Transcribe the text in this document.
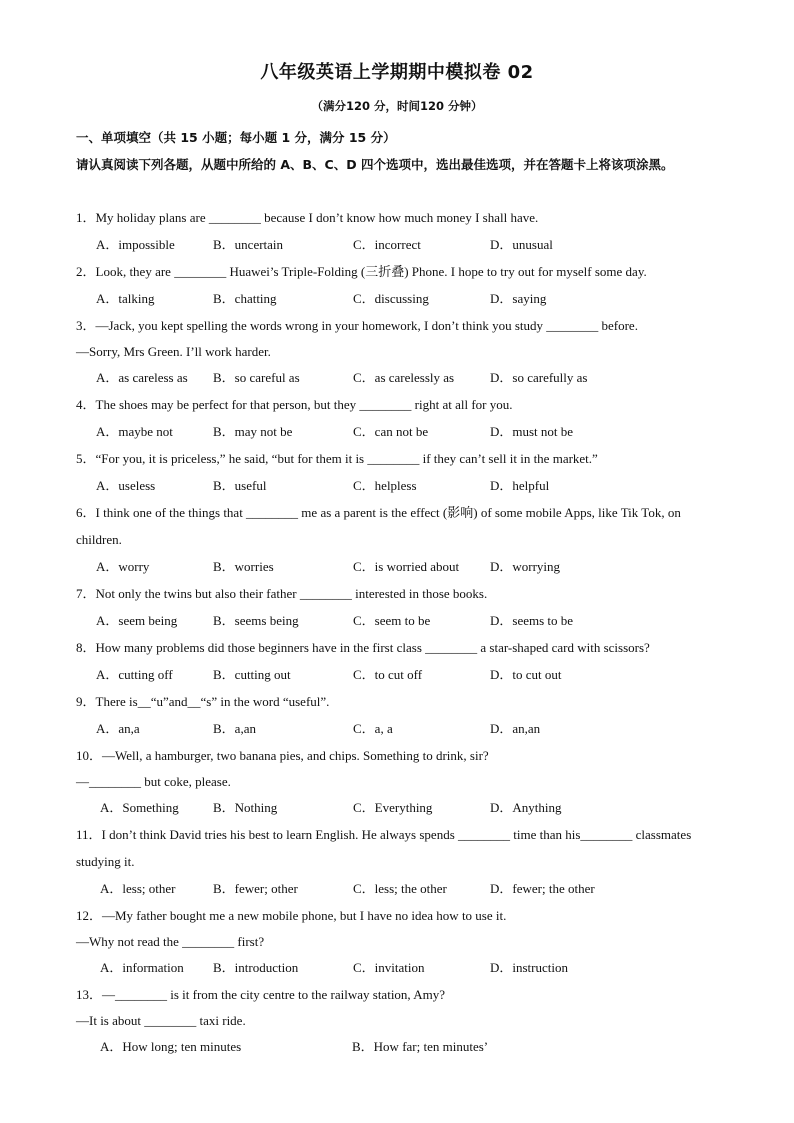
八年级英语上学期期中模拟卷 02
（满分120 分，时间120 分钟）
一、单项填空（共 15 小题；每小题 1 分，满分 15 分）
请认真阅读下列各题，从题中所给的 A、B、C、D 四个选项中，选出最佳选项，并在答题卡上将该项涂黑。
1．My holiday plans are ________ because I don’t know how much money I shall have.
A．impossible	B．uncertain	C．incorrect	D．unusual
2．Look, they are ________ Huawei’s Triple-Folding (三折叠) Phone. I hope to try out for myself some day.
A．talking	B．chatting	C．discussing	D．saying
3．—Jack, you kept spelling the words wrong in your homework, I don’t think you study ________ before.
—Sorry, Mrs Green. I’ll work harder.
A．as careless as B．so careful as	C．as carelessly as	D．so carefully as
4．The shoes may be perfect for that person, but they ________ right at all for you.
A．maybe not	B．may not be	C．can not be	D．must not be
5．“For you, it is priceless,” he said, “but for them it is ________ if they can’t sell it in the market.”
A．useless	B．useful	C．helpless	D．helpful
6．I think one of the things that ________ me as a parent is the effect (影响) of some mobile Apps, like Tik Tok, on children.
A．worry	B．worries	C．is worried about D．worrying
7．Not only the twins but also their father ________ interested in those books.
A．seem being	B．seems being	C．seem to be	D．seems to be
8．How many problems did those beginners have in the first class ________ a star-shaped card with scissors?
A．cutting off	B．cutting out	C．to cut off	D．to cut out
9．There is__“u”and__“s” in the word “useful”.
A．an,a	B．a,an	C．a, a	D．an,an
10．—Well, a hamburger, two banana pies, and chips. Something to drink, sir?
—________ but coke, please.
A．Something	B．Nothing	C．Everything	D．Anything
11．I don’t think David tries his best to learn English. He always spends ________ time than his________ classmates studying it.
A．less; other	B．fewer; other	C．less; the other	D．fewer; the other
12．—My father bought me a new mobile phone, but I have no idea how to use it.
—Why not read the ________ first?
A．information B．introduction	C．invitation	D．instruction
13．—________ is it from the city centre to the railway station, Amy?
—It is about ________ taxi ride.
A．How long; ten minutes	B．How far; ten minutes’
